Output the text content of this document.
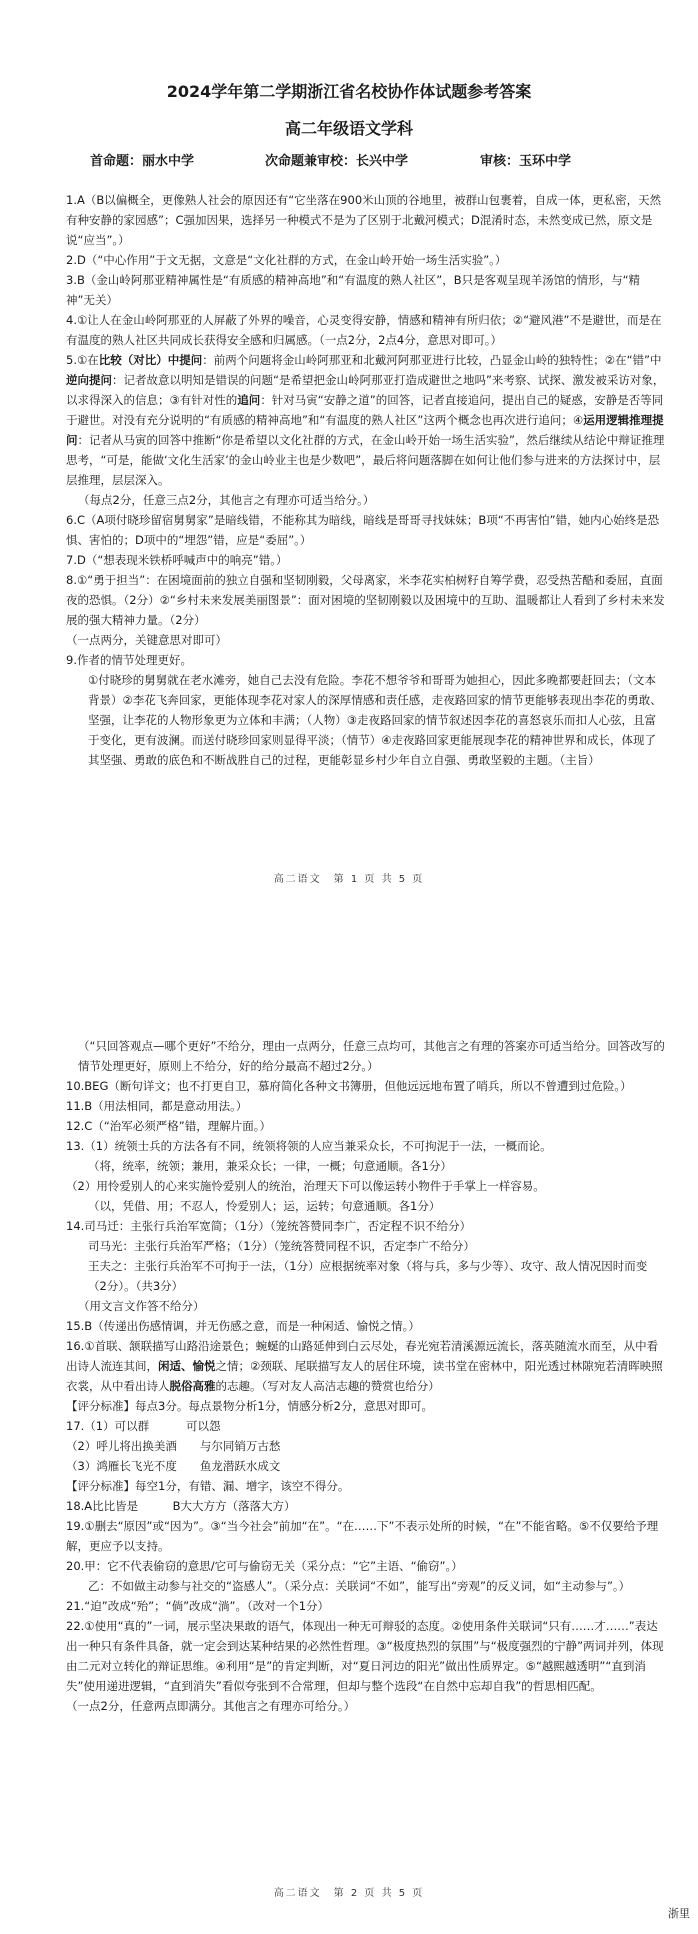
2024学年第二学期浙江省名校协作体试题参考答案
高二年级语文学科
首命题：丽水中学	次命题兼审校：长兴中学	审核：玉环中学

1.A（B以偏概全，更像熟人社会的原因还有“它坐落在900米山顶的谷地里，被群山包裹着，自成一体，更私密，天然有种安静的家园感”；C强加因果，选择另一种模式不是为了区别于北戴河模式；D混淆时态，未然变成已然，原文是说“应当”。）

2.D（“中心作用”于文无据，文意是“文化社群的方式，在金山岭开始一场生活实验”。）

3.B（金山岭阿那亚精神属性是“有质感的精神高地”和“有温度的熟人社区”，B只是客观呈现羊汤馆的情形，与“精神”无关）

4.①让人在金山岭阿那亚的人屏蔽了外界的噪音，心灵变得安静，情感和精神有所归依；②“避风港”不是避世，而是在有温度的熟人社区共同成长获得安全感和归属感。（一点2分，2点4分，意思对即可。）

5.①在比较（对比）中提问：前两个问题将金山岭阿那亚和北戴河阿那亚进行比较，凸显金山岭的独特性；②在“错”中逆向提问：记者故意以明知是错误的问题“是希望把金山岭阿那亚打造成避世之地吗”来考察、试探、激发被采访对象，以求得深入的信息；③有针对性的追问：针对马寅“安静之道”的回答，记者直接追问，提出自己的疑惑，安静是否等同于避世。对没有充分说明的“有质感的精神高地”和“有温度的熟人社区”这两个概念也再次进行追问；④运用逻辑推理提问：记者从马寅的回答中推断“你是希望以文化社群的方式，在金山岭开始一场生活实验”，然后继续从结论中辩证推理思考，“可是，能做‘文化生活家’的金山岭业主也是少数吧”，最后将问题落脚在如何让他们参与进来的方法探讨中，层层推理，层层深入。

（每点2分，任意三点2分，其他言之有理亦可适当给分。）

6.C（A项付晓珍留宿舅舅家”是暗线错，不能称其为暗线，暗线是哥哥寻找妹妹；B项“不再害怕”错，她内心始终是恐惧、害怕的；D项中的“埋怨”错，应是“委屈”。）

7.D（“想表现米铁桥呼喊声中的响亮”错。）

8.①“勇于担当”：在困境面前的独立自强和坚韧刚毅，父母离家，米李花实柏树籽自筹学费，忍受热苦酷和委屈，直面夜的恐惧。（2分）②“乡村未来发展美丽图景”：面对困境的坚韧刚毅以及困境中的互助、温暖都让人看到了乡村未来发展的强大精神力量。（2分）

（一点两分，关键意思对即可）

9.作者的情节处理更好。

①付晓珍的舅舅就在老水滩旁，她自己去没有危险。李花不想爷爷和哥哥为她担心，因此多晚都要赶回去；（文本背景）②李花飞奔回家，更能体现李花对家人的深厚情感和责任感，走夜路回家的情节更能够表现出李花的勇敢、坚强，让李花的人物形象更为立体和丰满；（人物）③走夜路回家的情节叙述因李花的喜怒哀乐而扣人心弦，且富于变化，更有波澜。而送付晓珍回家则显得平淡；（情节）④走夜路回家更能展现李花的精神世界和成长，体现了其坚强、勇敢的底色和不断战胜自己的过程，更能彰显乡村少年自立自强、勇敢坚毅的主题。（主旨）

高二语文　第 1 页 共 5 页

（“只回答观点—哪个更好”不给分，理由一点两分，任意三点均可，其他言之有理的答案亦可适当给分。回答改写的情节处理更好，原则上不给分，好的给分最高不超过2分。）

10.BEG（断句详文；也不打更自卫，慕府简化各种文书簿册，但他远远地布置了哨兵，所以不曾遭到过危险。）

11.B（用法相同，都是意动用法。）

12.C（“治军必须严格”错，理解片面。）

13.（1）统领士兵的方法各有不同，统领将领的人应当兼采众长，不可拘泥于一法，一概而论。

（将，统率，统领；兼用，兼采众长；一律，一概；句意通顺。各1分）

（2）用怜爱别人的心来实施怜爱别人的统治，治理天下可以像运转小物件于手掌上一样容易。

（以，凭借、用；不忍人，怜爱别人；运，运转；句意通顺。各1分）

14.司马迁：主张行兵治军宽简；（1分）（笼统答赞同李广，否定程不识不给分）

司马光：主张行兵治军严格；（1分）（笼统答赞同程不识，否定李广不给分）

王夫之：主张行兵治军不可拘于一法，（1分）应根据统率对象（将与兵，多与少等）、攻守、敌人情况因时而变（2分）。（共3分）

（用文言文作答不给分）

15.B（传递出伤感情调，并无伤感之意，而是一种闲适、愉悦之情。）

16.①首联、颔联描写山路沿途景色；蜿蜒的山路延伸到白云尽处，春光宛若清溪源远流长，落英随流水而至，从中看出诗人流连其间，闲适、愉悦之情；②颈联、尾联描写友人的居住环境，读书堂在密林中，阳光透过林隙宛若清晖映照衣裳，从中看出诗人脱俗高雅的志趣。（写对友人高洁志趣的赞赏也给分）

【评分标准】每点3分。每点景物分析1分，情感分析2分，意思对即可。

17.（1）可以群	可以怨

（2）呼儿将出换美酒　　与尔同销万古愁

（3）鸿雁长飞光不度　　鱼龙潜跃水成文

【评分标准】每空1分，有错、漏、增字，该空不得分。

18.A比比皆是　　　B大大方方（落落大方）

19.①删去“原因”或“因为”。③“当今社会”前加“在”。“在……下”不表示处所的时候，“在”不能省略。⑤不仅要给予理解，更应予以支持。

20.甲：它不代表偷窃的意思/它可与偷窃无关（采分点：“它”主语、“偷窃”。）

乙：不如做主动参与社交的“盗感人”。（采分点：关联词“不如”，能写出“旁观”的反义词，如“主动参与”。）

21.“迫”改成“殆”；“倘”改成“淌”。（改对一个1分）

22.①使用“真的”一词，展示坚决果敢的语气，体现出一种无可辩驳的态度。②使用条件关联词“只有……才……”表达出一种只有条件具备，就一定会到达某种结果的必然性哲理。③“极度热烈的氛围”与“极度强烈的宁静”两词并列，体现由二元对立转化的辩证思维。④利用“是”的肯定判断，对“夏日河边的阳光”做出性质界定。⑤“越熙越透明”“直到消失”使用递进逻辑，“直到消失”看似夸张到不合常理，但却与整个选段“在自然中忘却自我”的哲思相匹配。

（一点2分，任意两点即满分。其他言之有理亦可给分。）

高二语文　第 2 页 共 5 页
浙里
